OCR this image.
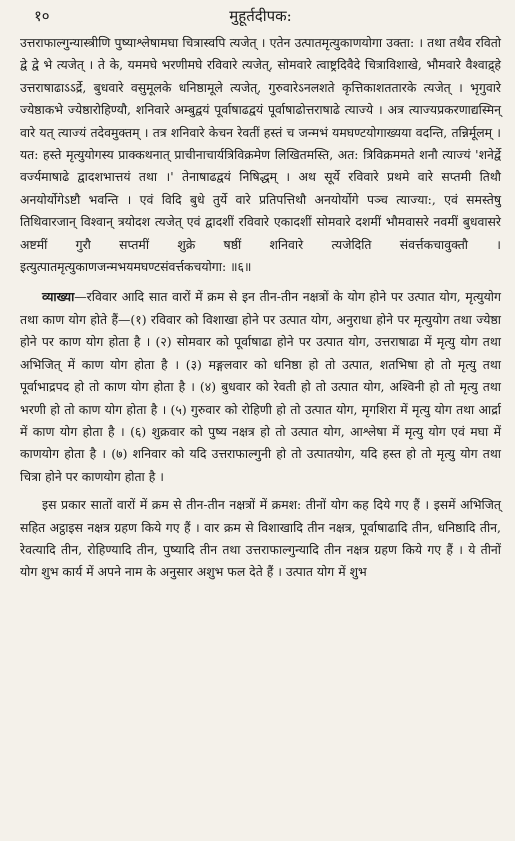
१०	मुहूर्तदीपक:

उत्तराफाल्गुन्यास्त्रीणि पुष्याश्लेषामघा चित्रास्वपि त्यजेत् । एतेन उत्पातमृत्युकाणयोगा उक्ता: । तथा तथैव रवितो द्वे द्वे भे त्यजेत् । ते के, यममघे भरणीमघे रविवारे त्यजेत्, सोमवारे त्वाष्ट्रदिवैदे चित्राविशाखे, भौमवारे वैश्वाद्र्हे उत्तराषाढाऽऽर्द्रे, बुधवारे वसुमूलके धनिष्ठामूले त्यजेत्, गुरुवारेऽनलशते कृत्तिकाशततारके त्यजेत् । भृगुवारे ज्येष्ठाकभे ज्येष्ठारोहिण्यौ, शनिवारे अम्बुद्वयं पूर्वाषाढद्वयं पूर्वाषाढोत्तराषाढे त्याज्ये । अत्र त्याज्यप्रकरणाद्यस्मिन् वारे यत् त्याज्यं तदेवमुक्तम् । तत्र शनिवारे केचन रेवतीं हस्तं च जन्मभं यमघण्टयोगाख्यया वदन्ति, तन्निर्मूलम् । यत: हस्ते मृत्युयोगस्य प्राक्कथनात् प्राचीनाचार्यत्रिविक्रमेण लिखितमस्ति, अत: त्रिविक्रममते शनौ त्याज्यं 'शनेर्द्वे वर्ज्यमाषाढे द्वादशभात्तयं तथा ।' तेनाषाढद्वयं निषिद्धम् । अथ सूर्ये रविवारे प्रथमे वारे सप्तमी तिथौ अनयोर्योगेऽष्टौ भवन्ति । एवं विदि बुधे तुर्ये वारे प्रतिपत्तिथौ अनयोर्योगे पञ्च त्याज्या:, एवं समस्तेषु तिथिवारजान् विश्वान् त्रयोदश त्यजेत् एवं द्वादशीं रविवारे एकादशीं सोमवारे दशमीं भौमवासरे नवमीं बुधवासरे अष्टमीं गुरौ सप्तमीं शुक्रे षष्ठीं शनिवारे त्यजेदिति संवर्त्तकचावुक्तौ । इत्युत्पातमृत्युकाणजन्मभयमघण्टसंवर्त्तकचयोगा: ॥६॥

व्याख्या—रविवार आदि सात वारों में क्रम से इन तीन-तीन नक्षत्रों के योग होने पर उत्पात योग, मृत्युयोग तथा काण योग होते हैं—(१) रविवार को विशाखा होने पर उत्पात योग, अनुराधा होने पर मृत्युयोग तथा ज्येष्ठा होने पर काण योग होता है । (२) सोमवार को पूर्वाषाढा होने पर उत्पात योग, उत्तराषाढा में मृत्यु योग तथा अभिजित् में काण योग होता है । (३) मङ्गलवार को धनिष्ठा हो तो उत्पात, शतभिषा हो तो मृत्यु तथा पूर्वाभाद्रपद हो तो काण योग होता है । (४) बुधवार को रेवती हो तो उत्पात योग, अश्विनी हो तो मृत्यु तथा भरणी हो तो काण योग होता है । (५) गुरुवार को रोहिणी हो तो उत्पात योग, मृगशिरा में मृत्यु योग तथा आर्द्रा में काण योग होता है । (६) शुक्रवार को पुष्य नक्षत्र हो तो उत्पात योग, आश्लेषा में मृत्यु योग एवं मघा में काणयोग होता है । (७) शनिवार को यदि उत्तराफाल्गुनी हो तो उत्पातयोग, यदि हस्त हो तो मृत्यु योग तथा चित्रा होने पर काणयोग होता है ।

इस प्रकार सातों वारों में क्रम से तीन-तीन नक्षत्रों में क्रमश: तीनों योग कह दिये गए हैं । इसमें अभिजित् सहित अट्ठाइस नक्षत्र ग्रहण किये गए हैं । वार क्रम से विशाखादि तीन नक्षत्र, पूर्वाषाढादि तीन, धनिष्ठादि तीन, रेवत्यादि तीन, रोहिण्यादि तीन, पुष्यादि तीन तथा उत्तराफाल्गुन्यादि तीन नक्षत्र ग्रहण किये गए हैं । ये तीनों योग शुभ कार्य में अपने नाम के अनुसार अशुभ फल देते हैं । उत्पात योग में शुभ
